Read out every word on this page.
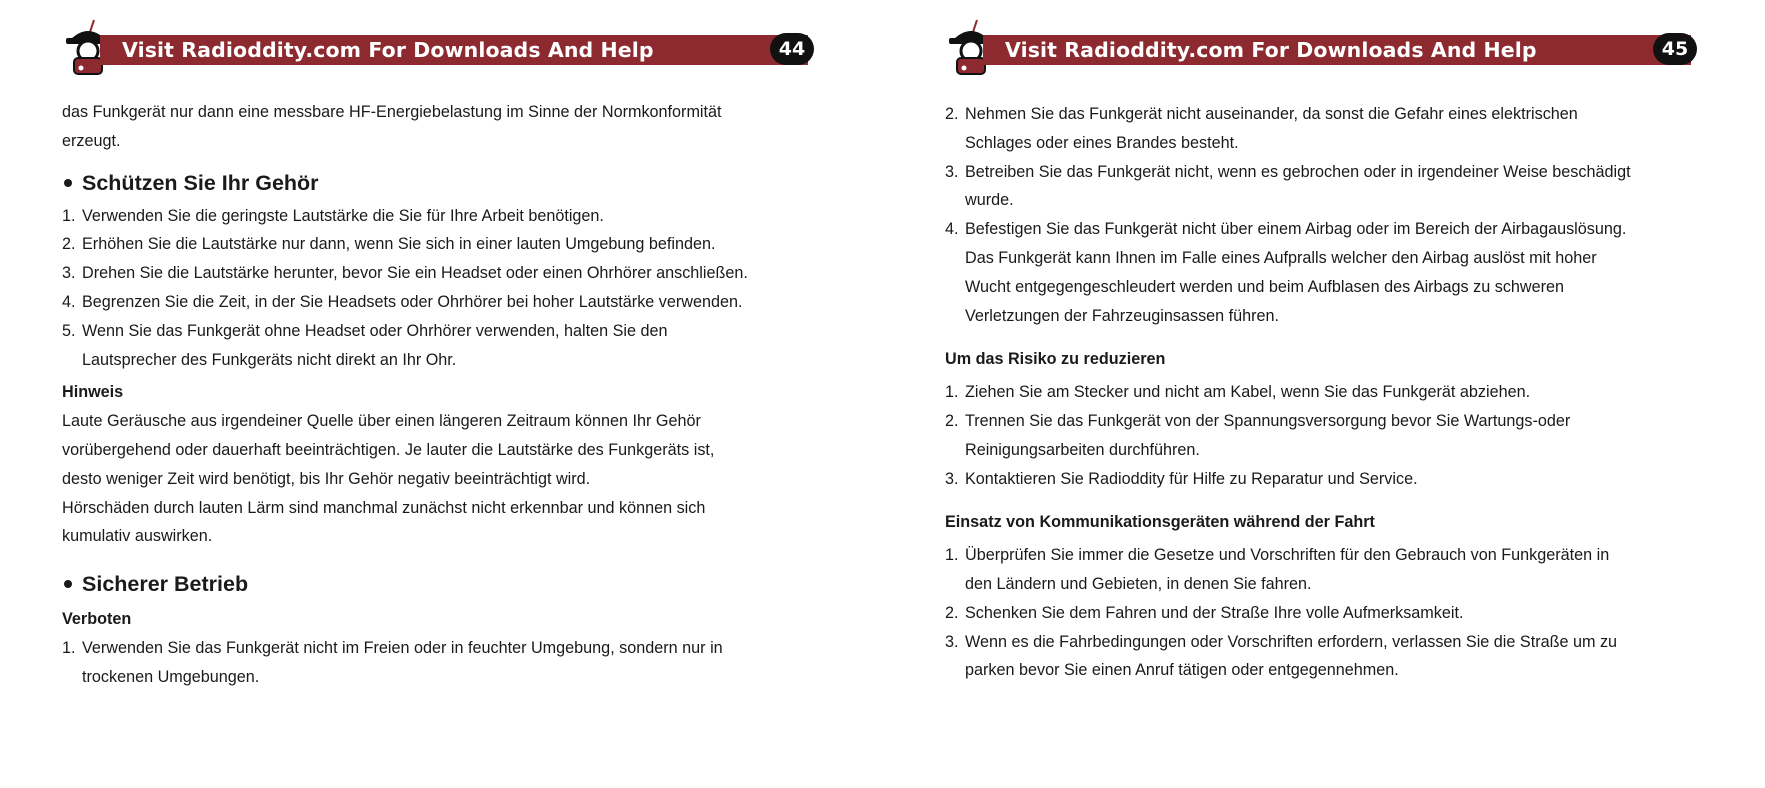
Visit Radioddity.com For Downloads And Help	44

das Funkgerät nur dann eine messbare HF-Energiebelastung im Sinne der Normkonformität

erzeugt.

Schützen Sie Ihr Gehör
1. Verwenden Sie die geringste Lautstärke die Sie für Ihre Arbeit benötigen.
2. Erhöhen Sie die Lautstärke nur dann, wenn Sie sich in einer lauten Umgebung befinden.
3. Drehen Sie die Lautstärke herunter, bevor Sie ein Headset oder einen Ohrhörer anschließen.
4. Begrenzen Sie die Zeit, in der Sie Headsets oder Ohrhörer bei hoher Lautstärke verwenden.
5. Wenn Sie das Funkgerät ohne Headset oder Ohrhörer verwenden, halten Sie den
Lautsprecher des Funkgeräts nicht direkt an Ihr Ohr.

Hinweis

Laute Geräusche aus irgendeiner Quelle über einen längeren Zeitraum können Ihr Gehör

vorübergehend oder dauerhaft beeinträchtigen. Je lauter die Lautstärke des Funkgeräts ist,

desto weniger Zeit wird benötigt, bis Ihr Gehör negativ beeinträchtigt wird.

Hörschäden durch lauten Lärm sind manchmal zunächst nicht erkennbar und können sich

kumulativ auswirken.

Sicherer Betrieb

Verboten

1. Verwenden Sie das Funkgerät nicht im Freien oder in feuchter Umgebung, sondern nur in
trockenen Umgebungen.
Visit Radioddity.com For Downloads And Help	45
2. Nehmen Sie das Funkgerät nicht auseinander, da sonst die Gefahr eines elektrischen
Schlages oder eines Brandes besteht.
3. Betreiben Sie das Funkgerät nicht, wenn es gebrochen oder in irgendeiner Weise beschädigt
wurde.
4. Befestigen Sie das Funkgerät nicht über einem Airbag oder im Bereich der Airbagauslösung.
Das Funkgerät kann Ihnen im Falle eines Aufpralls welcher den Airbag auslöst mit hoher
Wucht entgegengeschleudert werden und beim Aufblasen des Airbags zu schweren
Verletzungen der Fahrzeuginsassen führen.

Um das Risiko zu reduzieren

1. Ziehen Sie am Stecker und nicht am Kabel, wenn Sie das Funkgerät abziehen.
2. Trennen Sie das Funkgerät von der Spannungsversorgung bevor Sie Wartungs-oder
Reinigungsarbeiten durchführen.
3. Kontaktieren Sie Radioddity für Hilfe zu Reparatur und Service.

Einsatz von Kommunikationsgeräten während der Fahrt

1. Überprüfen Sie immer die Gesetze und Vorschriften für den Gebrauch von Funkgeräten in
den Ländern und Gebieten, in denen Sie fahren.
2. Schenken Sie dem Fahren und der Straße Ihre volle Aufmerksamkeit.
3. Wenn es die Fahrbedingungen oder Vorschriften erfordern, verlassen Sie die Straße um zu
parken bevor Sie einen Anruf tätigen oder entgegennehmen.
